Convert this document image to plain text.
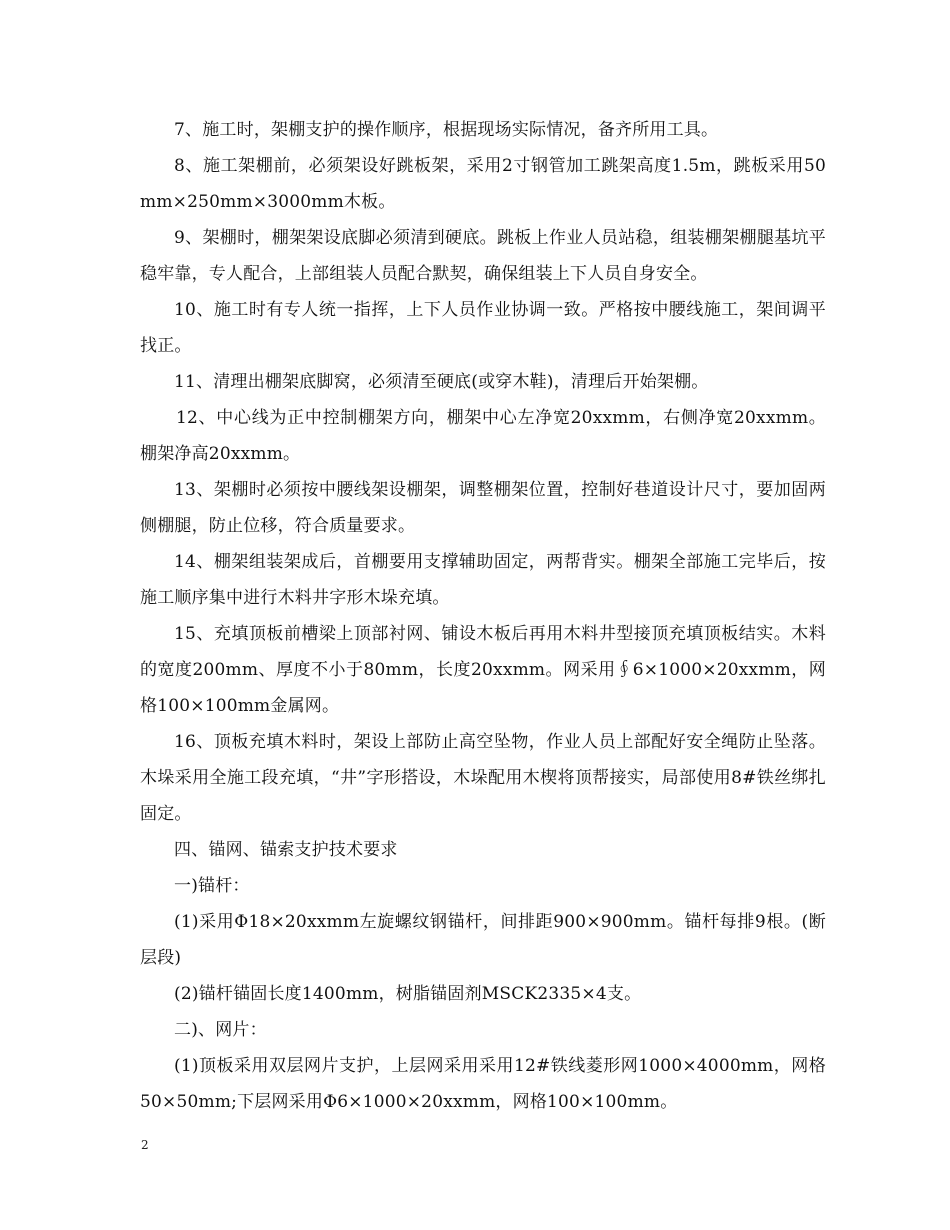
7、施工时，架棚支护的操作顺序，根据现场实际情况，备齐所用工具。

8、施工架棚前，必须架设好跳板架，采用2寸钢管加工跳架高度1.5m，跳板采用50mm×250mm×3000mm木板。

9、架棚时，棚架架设底脚必须清到硬底。跳板上作业人员站稳，组装棚架棚腿基坑平稳牢靠，专人配合，上部组装人员配合默契，确保组装上下人员自身安全。

10、施工时有专人统一指挥，上下人员作业协调一致。严格按中腰线施工，架间调平找正。

11、清理出棚架底脚窝，必须清至硬底(或穿木鞋)，清理后开始架棚。

12、中心线为正中控制棚架方向，棚架中心左净宽20xxmm，右侧净宽20xxmm。棚架净高20xxmm。

13、架棚时必须按中腰线架设棚架，调整棚架位置，控制好巷道设计尺寸，要加固两侧棚腿，防止位移，符合质量要求。

14、棚架组装架成后，首棚要用支撑辅助固定，两帮背实。棚架全部施工完毕后，按施工顺序集中进行木料井字形木垛充填。

15、充填顶板前槽梁上顶部衬网、铺设木板后再用木料井型接顶充填顶板结实。木料的宽度200mm、厚度不小于80mm，长度20xxmm。网采用∮6×1000×20xxmm，网格100×100mm金属网。

16、顶板充填木料时，架设上部防止高空坠物，作业人员上部配好安全绳防止坠落。木垛采用全施工段充填，“井”字形搭设，木垛配用木楔将顶帮接实，局部使用8#铁丝绑扎固定。

四、锚网、锚索支护技术要求

一)锚杆：

(1)采用Φ18×20xxmm左旋螺纹钢锚杆，间排距900×900mm。锚杆每排9根。(断层段)

(2)锚杆锚固长度1400mm，树脂锚固剂MSCK2335×4支。

二)、网片：

(1)顶板采用双层网片支护，上层网采用采用12#铁线菱形网1000×4000mm，网格50×50mm;下层网采用Φ6×1000×20xxmm，网格100×100mm。

2
